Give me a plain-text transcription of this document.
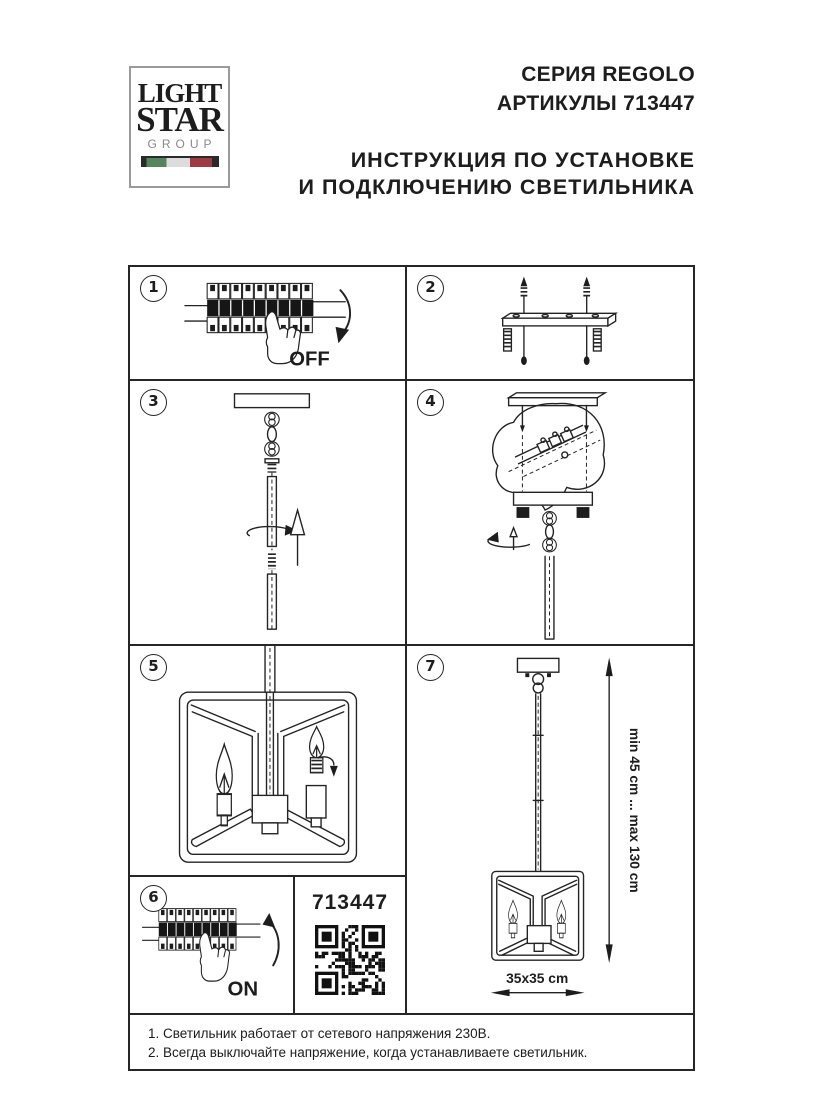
LIGHT
STAR
GROUP
СЕРИЯ REGOLO
АРТИКУЛЫ 713447
ИНСТРУКЦИЯ ПО УСТАНОВКЕ
И ПОДКЛЮЧЕНИЮ СВЕТИЛЬНИКА
1
OFF
2
3	4
5
6
ON
713447
7
min 45 cm ... max 130 cm
35x35 cm
1. Светильник работает от сетевого напряжения 230В.
2. Всегда выключайте напряжение, когда устанавливаете светильник.
